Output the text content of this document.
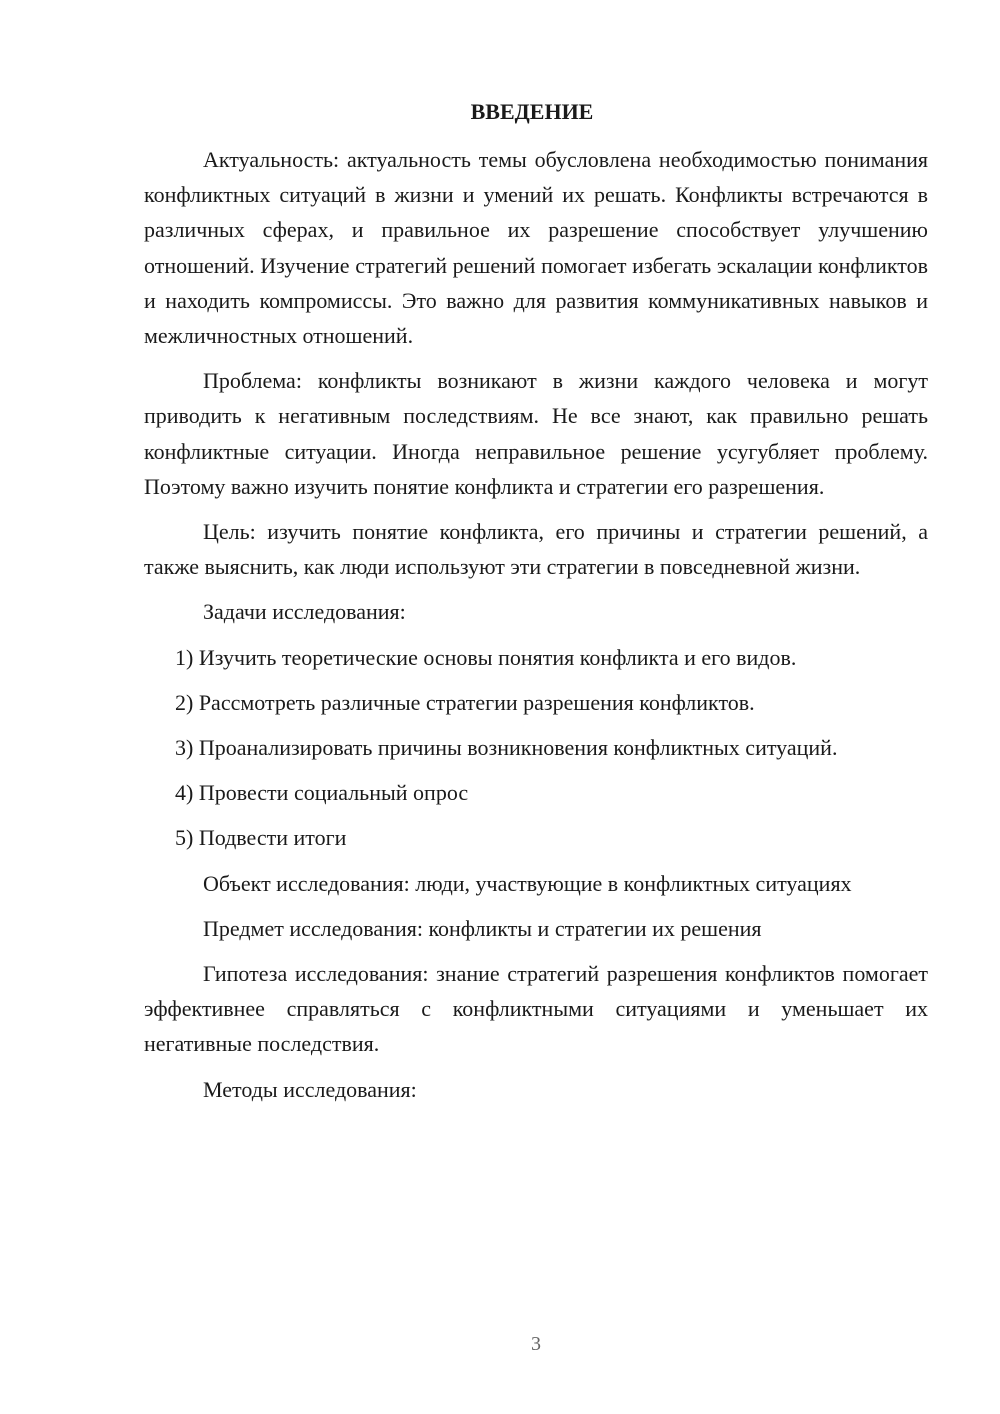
ВВЕДЕНИЕ

Актуальность: актуальность темы обусловлена необходимостью понимания конфликтных ситуаций в жизни и умений их решать. Конфликты встречаются в различных сферах, и правильное их разрешение способствует улучшению отношений. Изучение стратегий решений помогает избегать эскалации конфликтов и находить компромиссы. Это важно для развития коммуникативных навыков и межличностных отношений.

Проблема: конфликты возникают в жизни каждого человека и могут приводить к негативным последствиям. Не все знают, как правильно решать конфликтные ситуации. Иногда неправильное решение усугубляет проблему. Поэтому важно изучить понятие конфликта и стратегии его разрешения.

Цель: изучить понятие конфликта, его причины и стратегии решений, а также выяснить, как люди используют эти стратегии в повседневной жизни.

Задачи исследования:

1) Изучить теоретические основы понятия конфликта и его видов.

2) Рассмотреть различные стратегии разрешения конфликтов.

3) Проанализировать причины возникновения конфликтных ситуаций.

4) Провести социальный опрос

5) Подвести итоги

Объект исследования: люди, участвующие в конфликтных ситуациях

Предмет исследования: конфликты и стратегии их решения

Гипотеза исследования: знание стратегий разрешения конфликтов помогает эффективнее справляться с конфликтными ситуациями и уменьшает их негативные последствия.

Методы исследования:

3
